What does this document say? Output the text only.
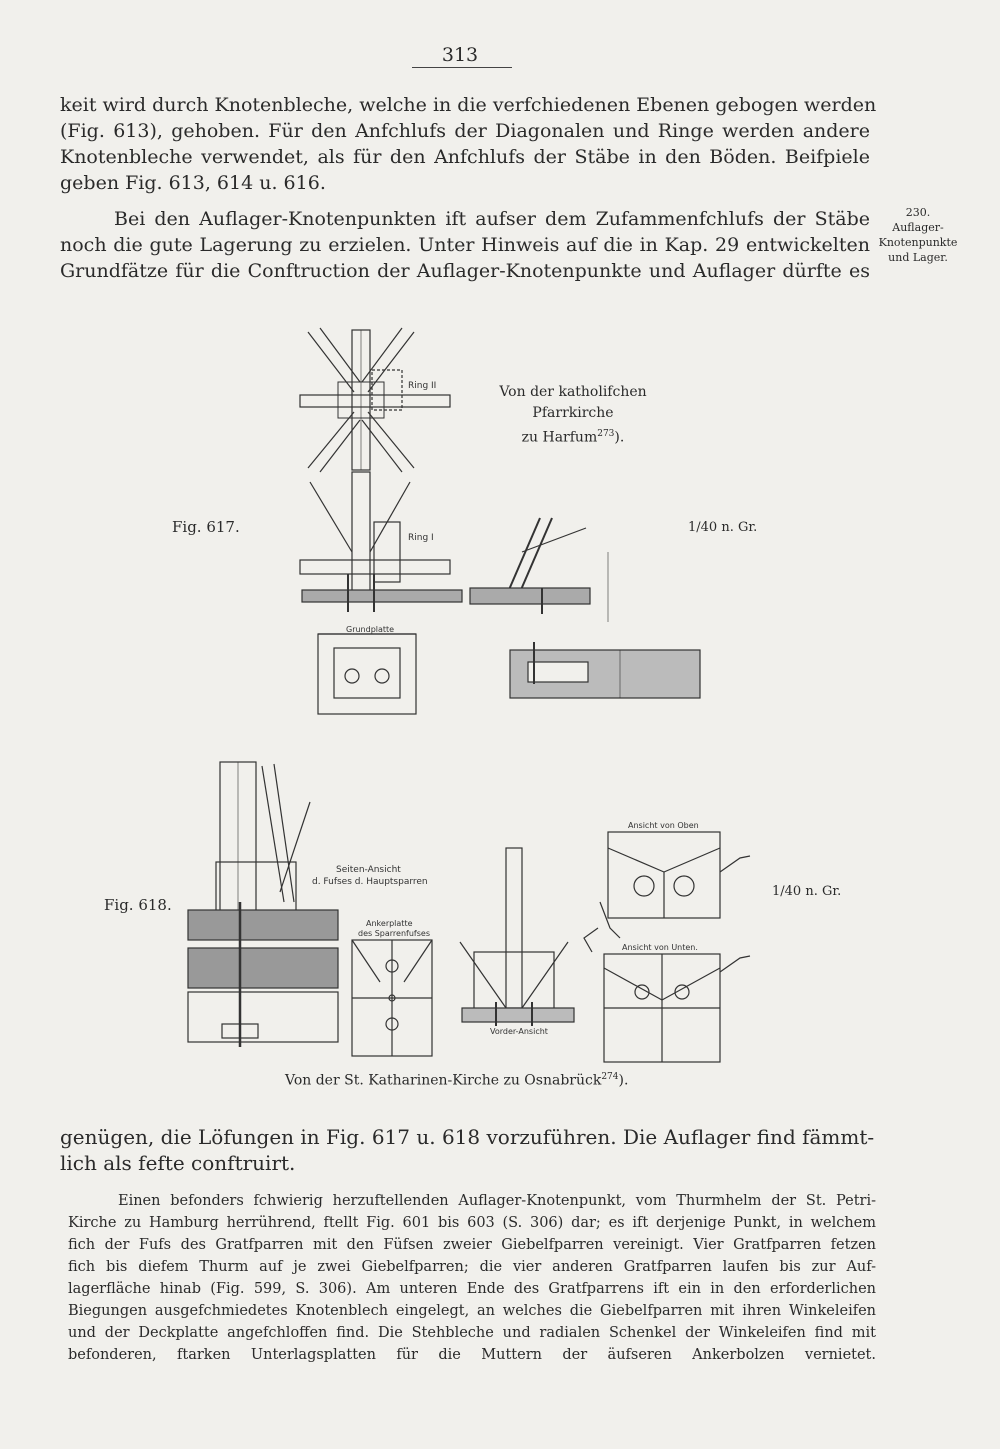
313
keit wird durch Knotenbleche, welche in die verfchiedenen Ebenen gebogen werden
(Fig. 613), gehoben. Für den Anfchlufs der Diagonalen und Ringe werden andere
Knotenbleche verwendet, als für den Anfchlufs der Stäbe in den Böden. Beifpiele
geben Fig. 613, 614 u. 616.
Bei den Auflager-Knotenpunkten ift aufser dem Zufammenfchlufs der Stäbe
noch die gute Lagerung zu erzielen. Unter Hinweis auf die in Kap. 29 entwickelten
Grundfätze für die Conftruction der Auflager-Knotenpunkte und Auflager dürfte es
230.
Auflager-
Knotenpunkte
und Lager.
Fig. 617.
Von der katholifchen
Pfarrkirche
zu Harfum$^{273}$).
1/40 n. Gr.
Ring II
Ring I
Grundplatte
Fig. 618.
1/40 n. Gr.
Von der St. Katharinen-Kirche zu Osnabrück$^{274}$).
Seiten-Ansicht
d. Fufses d. Hauptsparren
Ankerplatte
des Sparrenfufses
Vorder-Ansicht
Ansicht von Oben
Ansicht von Unten.
genügen, die Löfungen in Fig. 617 u. 618 vorzuführen. Die Auflager find fämmt-
lich als fefte conftruirt.
Einen befonders fchwierig herzuftellenden Auflager-Knotenpunkt, vom Thurmhelm der St. Petri-
Kirche zu Hamburg herrührend, ftellt Fig. 601 bis 603 (S. 306) dar; es ift derjenige Punkt, in welchem
fich der Fufs des Gratfparren mit den Füfsen zweier Giebelfparren vereinigt. Vier Gratfparren fetzen
fich bis diefem Thurm auf je zwei Giebelfparren; die vier anderen Gratfparren laufen bis zur Auf-
lagerfläche hinab (Fig. 599, S. 306). Am unteren Ende des Gratfparrens ift ein in den erforderlichen
Biegungen ausgefchmiedetes Knotenblech eingelegt, an welches die Giebelfparren mit ihren Winkeleifen
und der Deckplatte angefchloffen find. Die Stehbleche und radialen Schenkel der Winkeleifen find mit
befonderen, ftarken Unterlagsplatten für die Muttern der äufseren Ankerbolzen vernietet.
